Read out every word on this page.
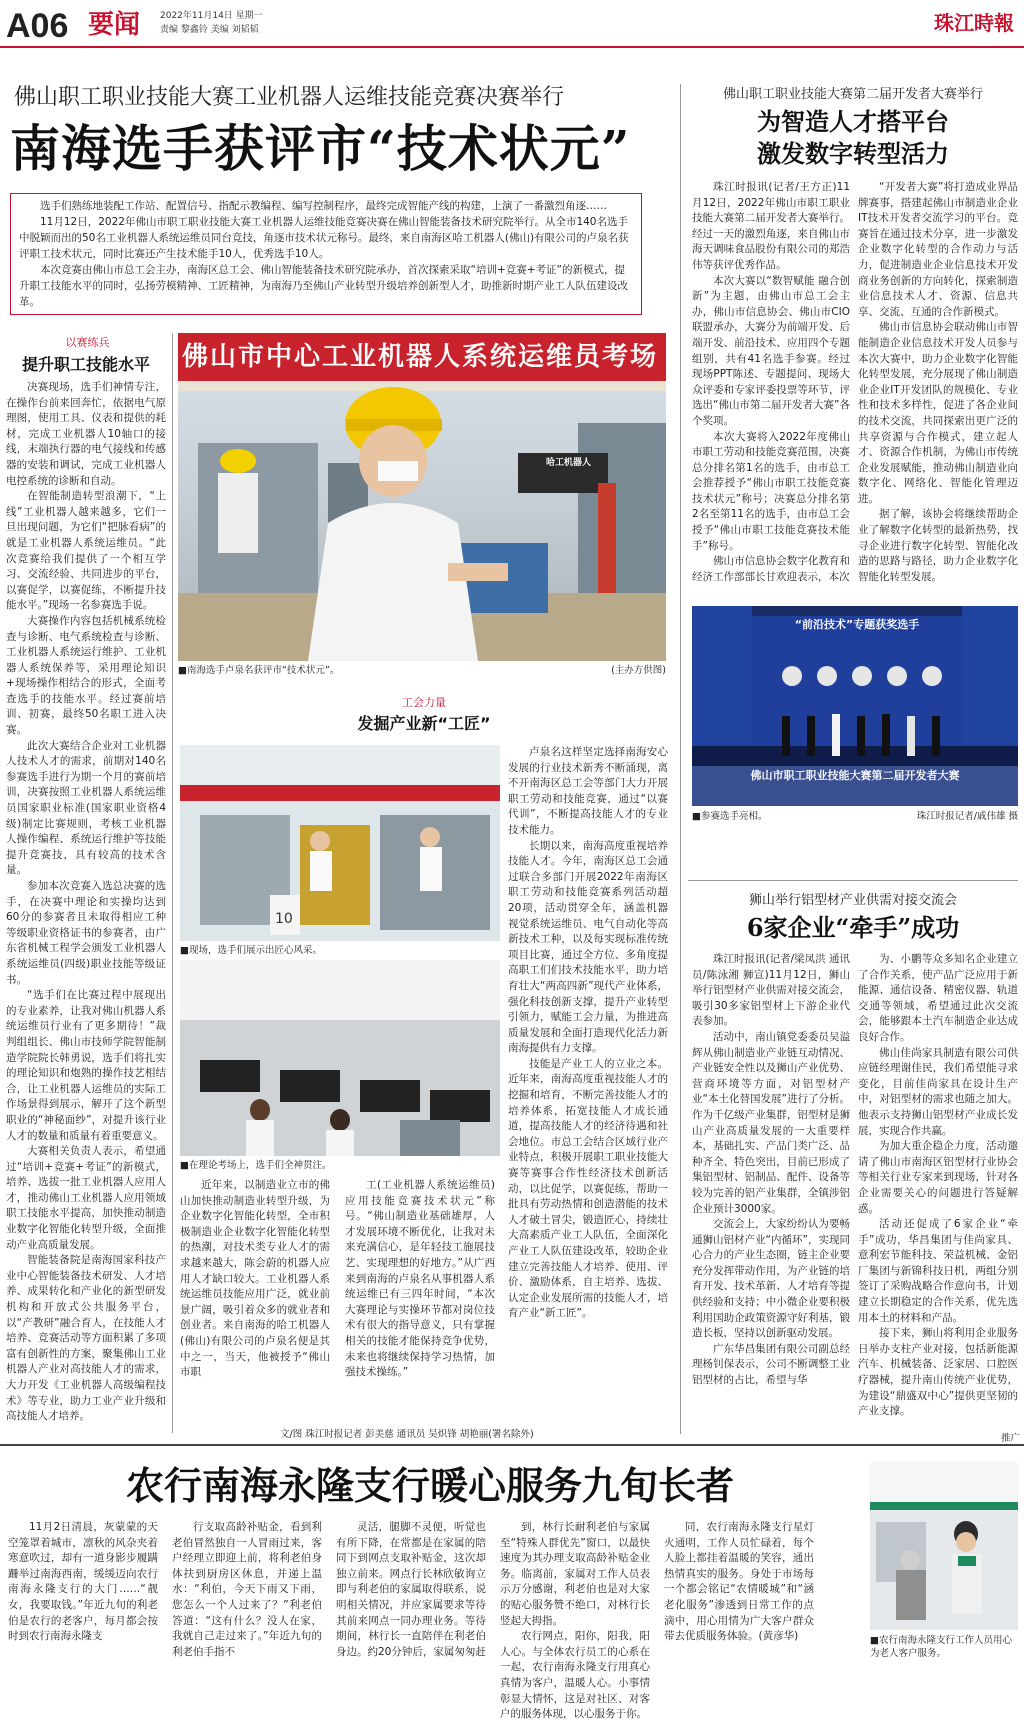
A06 要闻 2022年11月14日 星期一
责编 黎鑫铃 美编 刘韬韬	珠江時報
佛山职工职业技能大赛工业机器人运维技能竞赛决赛举行
南海选手获评市“技术状元”

选手们熟练地装配工作站、配置信号、指配示教编程、编写控制程序，最终完成智能产线的构建，上演了一番激烈角逐……

11月12日，2022年佛山市职工职业技能大赛工业机器人运维技能竞赛决赛在佛山智能装备技术研究院举行。从全市140名选手中脱颖而出的50名工业机器人系统运维员同台竞技，角逐市技术状元称号。最终，来自南海区哈工机器人(佛山)有限公司的卢泉名获评职工技术状元，同时比赛还产生技术能手10人，优秀选手10人。

本次竞赛由佛山市总工会主办，南海区总工会、佛山智能装备技术研究院承办，首次探索采取“培训+竞赛+考证”的新模式，提升职工技能水平的同时，弘扬劳模精神、工匠精神，为南海乃至佛山产业转型升级培养创新型人才，助推新时期产业工人队伍建设改革。

以赛练兵
提升职工技能水平

决赛现场，选手们神情专注，在操作台前来回奔忙，依据电气原理图，使用工具、仪表和提供的耗材，完成工业机器人10轴口的接线，末端执行器的电气接线和传感器的安装和调试，完成工业机器人电控系统的诊断和自动。

在智能制造转型浪潮下，“上线”工业机器人越来越多，它们一旦出现问题，为它们“把脉看病”的就是工业机器人系统运维员。“此次竞赛给我们提供了一个相互学习、交流经验、共同进步的平台，以赛促学，以赛促练，不断提升技能水平。”现场一名参赛选手说。

大赛操作内容包括机械系统检查与诊断、电气系统检查与诊断、工业机器人系统运行维护、工业机器人系统保养等，采用理论知识+现场操作相结合的形式，全面考查选手的技能水平。经过赛前培训、初赛，最终50名职工进入决赛。

此次大赛结合企业对工业机器人技术人才的需求，前期对140名参赛选手进行为期一个月的赛前培训，决赛按照工业机器人系统运维员国家职业标准(国家职业资格4级)制定比赛规则，考核工业机器人操作编程、系统运行维护等技能提升竞赛技，具有较高的技术含量。

参加本次竞赛入选总决赛的选手，在决赛中理论和实操均达到60分的参赛者且未取得相应工种等级职业资格证书的参赛者，由广东省机械工程学会颁发工业机器人系统运维员(四级)职业技能等级证书。

“选手们在比赛过程中展现出的专业素养，让我对佛山机器人系统运维员行业有了更多期待！”裁判组组长、佛山市技师学院智能制造学院院长韩勇说，选手们将扎实的理论知识和炮熟的操作技艺相结合，让工业机器人运维员的实际工作场景得到展示，解开了这个新型职业的“神秘面纱”，对提升该行业人才的数量和质量有着重要意义。

大赛相关负责人表示，希望通过“培训+竞赛+考证”的新模式，培养、选拔一批工业机器人应用人才，推动佛山工业机器人应用领域职工技能水平提高，加快推动制造业数字化智能化转型升级，全面推动产业高质量发展。

智能装备院是南海国家科技产业中心智能装备技术研发、人才培养、成果转化和产业化的新型研发机构和开放式公共服务平台，以“产教研”融合育人，在技能人才培养、竞赛活动等方面积累了多项富有创新性的方案，聚集佛山工业机器人产业对高技能人才的需求，大力开发《工业机器人高级编程技术》等专业，助力工业产业升级和高技能人才培养。

佛山市中心工业机器人系统运维员考场
哈工机器人
■南海选手卢泉名获评市“技术状元”。	(主办方供图)
工会力量
发掘产业新“工匠”
10
■现场，选手们展示出匠心风采。
■在理论考场上，选手们全神贯注。

卢泉名这样坚定选择南海安心发展的行业技术新秀不断涌现，离不开南海区总工会等部门大力开展职工劳动和技能竞赛，通过“以赛代训”，不断提高技能人才的专业技术能力。

长期以来，南海高度重视培养技能人才。今年，南海区总工会通过联合多部门开展2022年南海区职工劳动和技能竞赛系列活动超20项，活动贯穿全年，涵盖机器视觉系统运维员、电气自动化等高新技术工种，以及每实现标准传统项目比赛，通过全方位、多角度提高职工们们技术技能水平，助力培育壮大“两高四新”现代产业体系，强化科技创新支撑，提升产业转型引领力，赋能工会力量，为推进高质量发展和全面打造现代化活力新南海提供有力支撑。

技能是产业工人的立业之本。近年来，南海高度重视技能人才的挖掘和培育，不断完善技能人才的培养体系，拓宽技能人才成长通道，提高技能人才的经济待遇和社会地位。市总工会结合区域行业产业特点，积极开展职工职业技能大赛等赛事合作性经济技术创新活动，以比促学，以赛促练，帮助一批具有劳动热情和创造潜能的技术人才破土冒尖，锻造匠心，持续壮大高素质产业工人队伍，全面深化产业工人队伍建设改革，较助企业建立完善技能人才培养、使用、评价、激励体系，自主培养、选拔、认定企业发展所需的技能人才，培育产业“新工匠”。

近年来，以制造业立市的佛山加快推动制造业转型升级，为企业数字化智能化转型，全市积极制造业企业数字化智能化转型的热潮，对技术类专业人才的需求越来越大，陈会蔚的机器人应用人才缺口较大。工业机器人系统运维员技能应用广泛，就业前景广阔，吸引着众多的就业者和创业者。来自南海的哈工机器人(佛山)有限公司的卢泉名便是其中之一，当天，他被授予“佛山市职

工(工业机器人系统运维员)应用技能竞赛技术状元”称号。“佛山制造业基础雄厚，人才发展环境不断优化，让我对未来充满信心，是年轻技工施展技艺、实现理想的好地方。”从广西来到南海的卢泉名从事机器人系统运维已有三四年时间，“本次大赛理论与实操环节都对岗位技术有很大的指导意义，只有掌握相关的技能才能保持竞争优势，未来也将继续保持学习热情，加强技术操练。”

文/图 珠江时报记者 彭美慈 通讯员 吴炽锋 胡艳丽(署名除外)
佛山职工职业技能大赛第二届开发者大赛举行
为智造人才搭平台
激发数字转型活力

珠江时报讯(记者/王方正)11月12日，2022年佛山市职工职业技能大赛第二届开发者大赛举行。经过一天的激烈角逐，来自佛山市海天调味食品股份有限公司的郑浩伟等获评优秀作品。

本次大赛以“数智赋能 融合创新”为主题，由佛山市总工会主办，佛山市信息协会、佛山市CIO联盟承办，大赛分为前端开发、后端开发、前沿技术、应用四个专题组别，共有41名选手参赛。经过现场PPT陈述、专题提问、现场大众评委和专家评委投票等环节，评选出“佛山市第二届开发者大赛”各个奖项。

本次大赛将入2022年度佛山市职工劳动和技能竞赛范围，决赛总分排名第1名的选手，由市总工会推荐授予“佛山市职工技能竞赛技术状元”称号；决赛总分排名第2名至第11名的选手，由市总工会授予“佛山市职工技能竞赛技术能手”称号。

佛山市信息协会数字化教育和经济工作部部长甘欢迎表示，本次

“开发者大赛”将打造成业界品牌赛事，搭建起佛山市制造业企业IT技术开发者交流学习的平台。竞赛旨在通过技术分享，进一步激发企业数字化转型的合作动力与活力，促进制造业企业信息技术开发商业务创新的方向转化，探索制造业信息技术人才、资源、信息共享、交流、互通的合作新模式。

佛山市信息协会联动佛山市智能制造企业信息技术开发人员参与本次大赛中，助力企业数字化智能化转型发展，充分展现了佛山制造业企业IT开发团队的规模化、专业性和技术多样性，促进了各企业间的技术交流，共同探索出更广泛的共享资源与合作模式，建立起人才、资源合作机制，为佛山市传统企业发展赋能，推动佛山制造业向数字化、网络化、智能化管理迈进。

据了解，该协会将继续帮助企业了解数字化转型的最新热势，找寻企业进行数字化转型、智能化改造的思路与路径，助力企业数字化智能化转型发展。

“前沿技术”专题获奖选手
佛山市职工职业技能大赛第二届开发者大赛
■参赛选手亮相。	珠江时报记者/戚伟雄 摄
狮山举行铝型材产业供需对接交流会
6家企业“牵手”成功

珠江时报讯(记者/梁凤洪 通讯员/陈泳湘 狮宣)11月12日，狮山举行铝型材产业供需对接交流会，吸引30多家铝型材上下游企业代表参加。

活动中，南山镇党委委员吴溢辉从佛山制造业产业链互动情况、产业链安全性以及狮山产业优势、营商环境等方面，对铝型材产业“本土化替国发展”进行了分析。作为千亿级产业集群，铝型材是狮山产业高质量发展的一大重要样本，基础扎实、产品门类广泛、品种齐全、特色突出，目前已形成了集铝型材、铝制品、配件、设备等较为完善的铝产业集群，全镇涉铝企业预计3000家。

交流会上，大家纷纷认为要畅通狮山铝材产业“内循环”，实现同心合力的产业生态圈，链主企业要充分发挥带动作用，为产业链的培育开发、技术革新、人才培育等提供经验和支持；中小微企业要积极利用国助企政策资源守好利基，锻造长板，坚持以创新驱动发展。

广东华昌集团有限公司副总经理杨钊保表示，公司不断调整工业铝型材的占比，希望与华

为、小鹏等众多知名企业建立了合作关系，使产品广泛应用于新能源、通信设备、精密仪器、轨道交通等领域，希望通过此次交流会，能够跟本土汽车制造企业达成良好合作。

佛山佳尚家具制造有限公司供应链经理谢佳民，我们希望能寻求变化，目前佳尚家具在设计生产中，对铝型材的需求也随之加大。他表示支持狮山铝型材产业成长发展，实现合作共赢。

为加大重企稳企力度，活动邀请了佛山市南海区铝型材行业协会等相关行业专家来到现场，针对各企业需要关心的问题进行答疑解惑。

活动还促成了6家企业“牵手”成功，华昌集团与佳尚家具、意利宏节能科技、荣益机械、金铝厂集团与新锦科技日机，两组分别签订了采购战略合作意向书，计划建立长期稳定的合作关系，优先选用本土的材料和产品。

接下来，狮山将利用企业服务日举办支柱产业对接，包括新能源汽车、机械装备、泛家居、口腔医疗器械，提升南山传统产业优势，为建设“鼎盛双中心”提供更坚韧的产业支撑。

推广
农行南海永隆支行暖心服务九旬长者

11月2日清晨，灰蒙蒙的天空笼罩着城市，凛秋的风杂夹着寒意吹过，却有一道身影步履蹒跚举过南海西南，缓缓迈向农行南海永隆支行的大门……“靓女，我要取钱。”年近九旬的利老伯是农行的老客户，每月都会按时到农行南海永隆支

行支取高龄补贴金，看到利老伯冒然独自一人冒雨过来，客户经理立即迎上前，将利老伯身体扶到厨房区休息，并递上温水：“利伯，今天下雨又下雨，您怎么一个人过来了？”利老伯答道：“这有什么？没人在家，我就自己走过来了。”年近九旬的利老伯手指不

灵活，腿脚不灵便，听觉也有所下降，在常都是在家属的陪同下到网点支取补贴金，这次却独立前来。网点行长林欣敏询立即与利老伯的家属取得联系，说明相关情况，并应家属要求等待其前来网点一同办理业务。等待期间，林行长一直陪伴在利老伯身边。约20分钟后，家属匆匆赶

到，林行长耐利老伯与家属至“特殊人群优先”窗口，以最快速度为其办理支取高龄补贴金业务。临离前，家属对工作人员表示万分感谢，利老伯也是对大家的贴心服务赞不绝口，对林行长竖起大拇指。

农行网点，阳你，阳我，阳人心。与全体农行员工的心系在一起，农行南海永隆支行用真心真情为客户，温暖人心。小事情彰显大情怀，这是对社区、对客户的服务体现，以心服务于你。

同，农行南海永隆支行星灯火通明，工作人员忙碌着，每个人脸上都挂着温暖的笑容，通出热情真实的服务。身处于市场每一个都会铭记“农情暖城”和“涵老化服务”渗透到日常工作的点滴中，用心用情为广大客户群众带去优质服务体验。(黄彦华)	■农行南海永隆支行工作人员用心为老人客户服务。
